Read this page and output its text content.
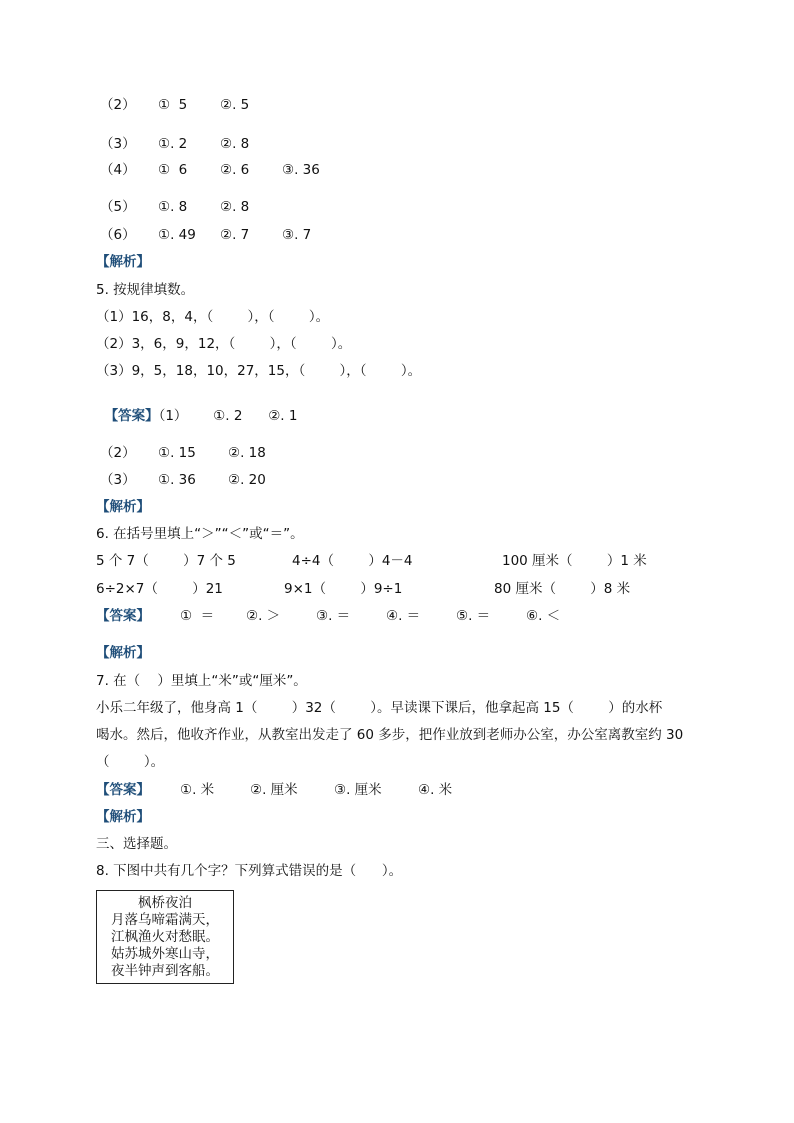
（2） ①  5 ②. 5
（3） ①. 2 ②. 8
（4） ①  6 ②. 6 ③. 36
（5） ①. 8 ②. 8
（6） ①. 49 ②. 7 ③. 7
【解析】
5. 按规律填数。
（1）16，8，4，（        ），（        ）。
（2）3，6，9，12，（        ），（        ）。
（3）9，5，18，10，27，15，（        ），（        ）。

【答案】（1）      ①. 2      ②. 1

（2） ①. 15 ②. 18
（3） ①. 36 ②. 20
【解析】
6. 在括号里填上“＞”“＜”或“＝”。
5 个 7（        ）7 个 5	4÷4（        ）4－4	100 厘米（        ）1 米
6÷2×7（        ）21	9×1（        ）9÷1	80 厘米（        ）8 米
【答案】 ①  ＝ ②. ＞	③. ＝	④. ＝	⑤. ＝	⑥. ＜
【解析】
7. 在（    ）里填上“米”或“厘米”。
小乐二年级了，他身高 1（        ）32（        ）。早读课下课后，他拿起高 15（        ）的水杯
喝水。然后，他收齐作业，从教室出发走了 60 多步，把作业放到老师办公室，办公室离教室约 30
（        ）。
【答案】 ①. 米	②. 厘米	③. 厘米	④. 米
【解析】
三、选择题。
8. 下图中共有几个字？下列算式错误的是（      ）。
枫桥夜泊
月落乌啼霜满天，
江枫渔火对愁眠。
姑苏城外寒山寺，
夜半钟声到客船。
